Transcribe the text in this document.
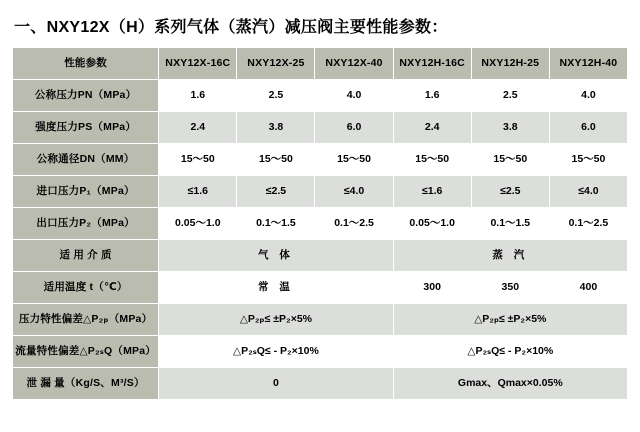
一、NXY12X（H）系列气体（蒸汽）减压阀主要性能参数：
性能参数	NXY12X-16C	NXY12X-25	NXY12X-40	NXY12H-16C	NXY12H-25	NXY12H-40
公称压力PN（MPa）	1.6	2.5	4.0	1.6	2.5	4.0
强度压力PS（MPa）	2.4	3.8	6.0	2.4	3.8	6.0
公称通径DN（MM）	15～50	15～50	15～50	15～50	15～50	15～50
进口压力P₁（MPa）	≤1.6	≤2.5	≤4.0	≤1.6	≤2.5	≤4.0
出口压力P₂（MPa）	0.05～1.0	0.1～1.5	0.1～2.5	0.05～1.0	0.1～1.5	0.1～2.5
适 用 介 质	气 体			蒸 汽		
适用温度 t（℃）	常 温			300	350	400
压力特性偏差△P₂ₚ（MPa）	△P₂ₚ≤ ±P₂×5%			△P₂ₚ≤ ±P₂×5%		
流量特性偏差△P₂ₛQ（MPa）	△P₂ₛQ≤ - P₂×10%			△P₂ₛQ≤ - P₂×10%		
泄 漏 量（Kg/S、M³/S）	0			Gmax、Qmax×0.05%		
